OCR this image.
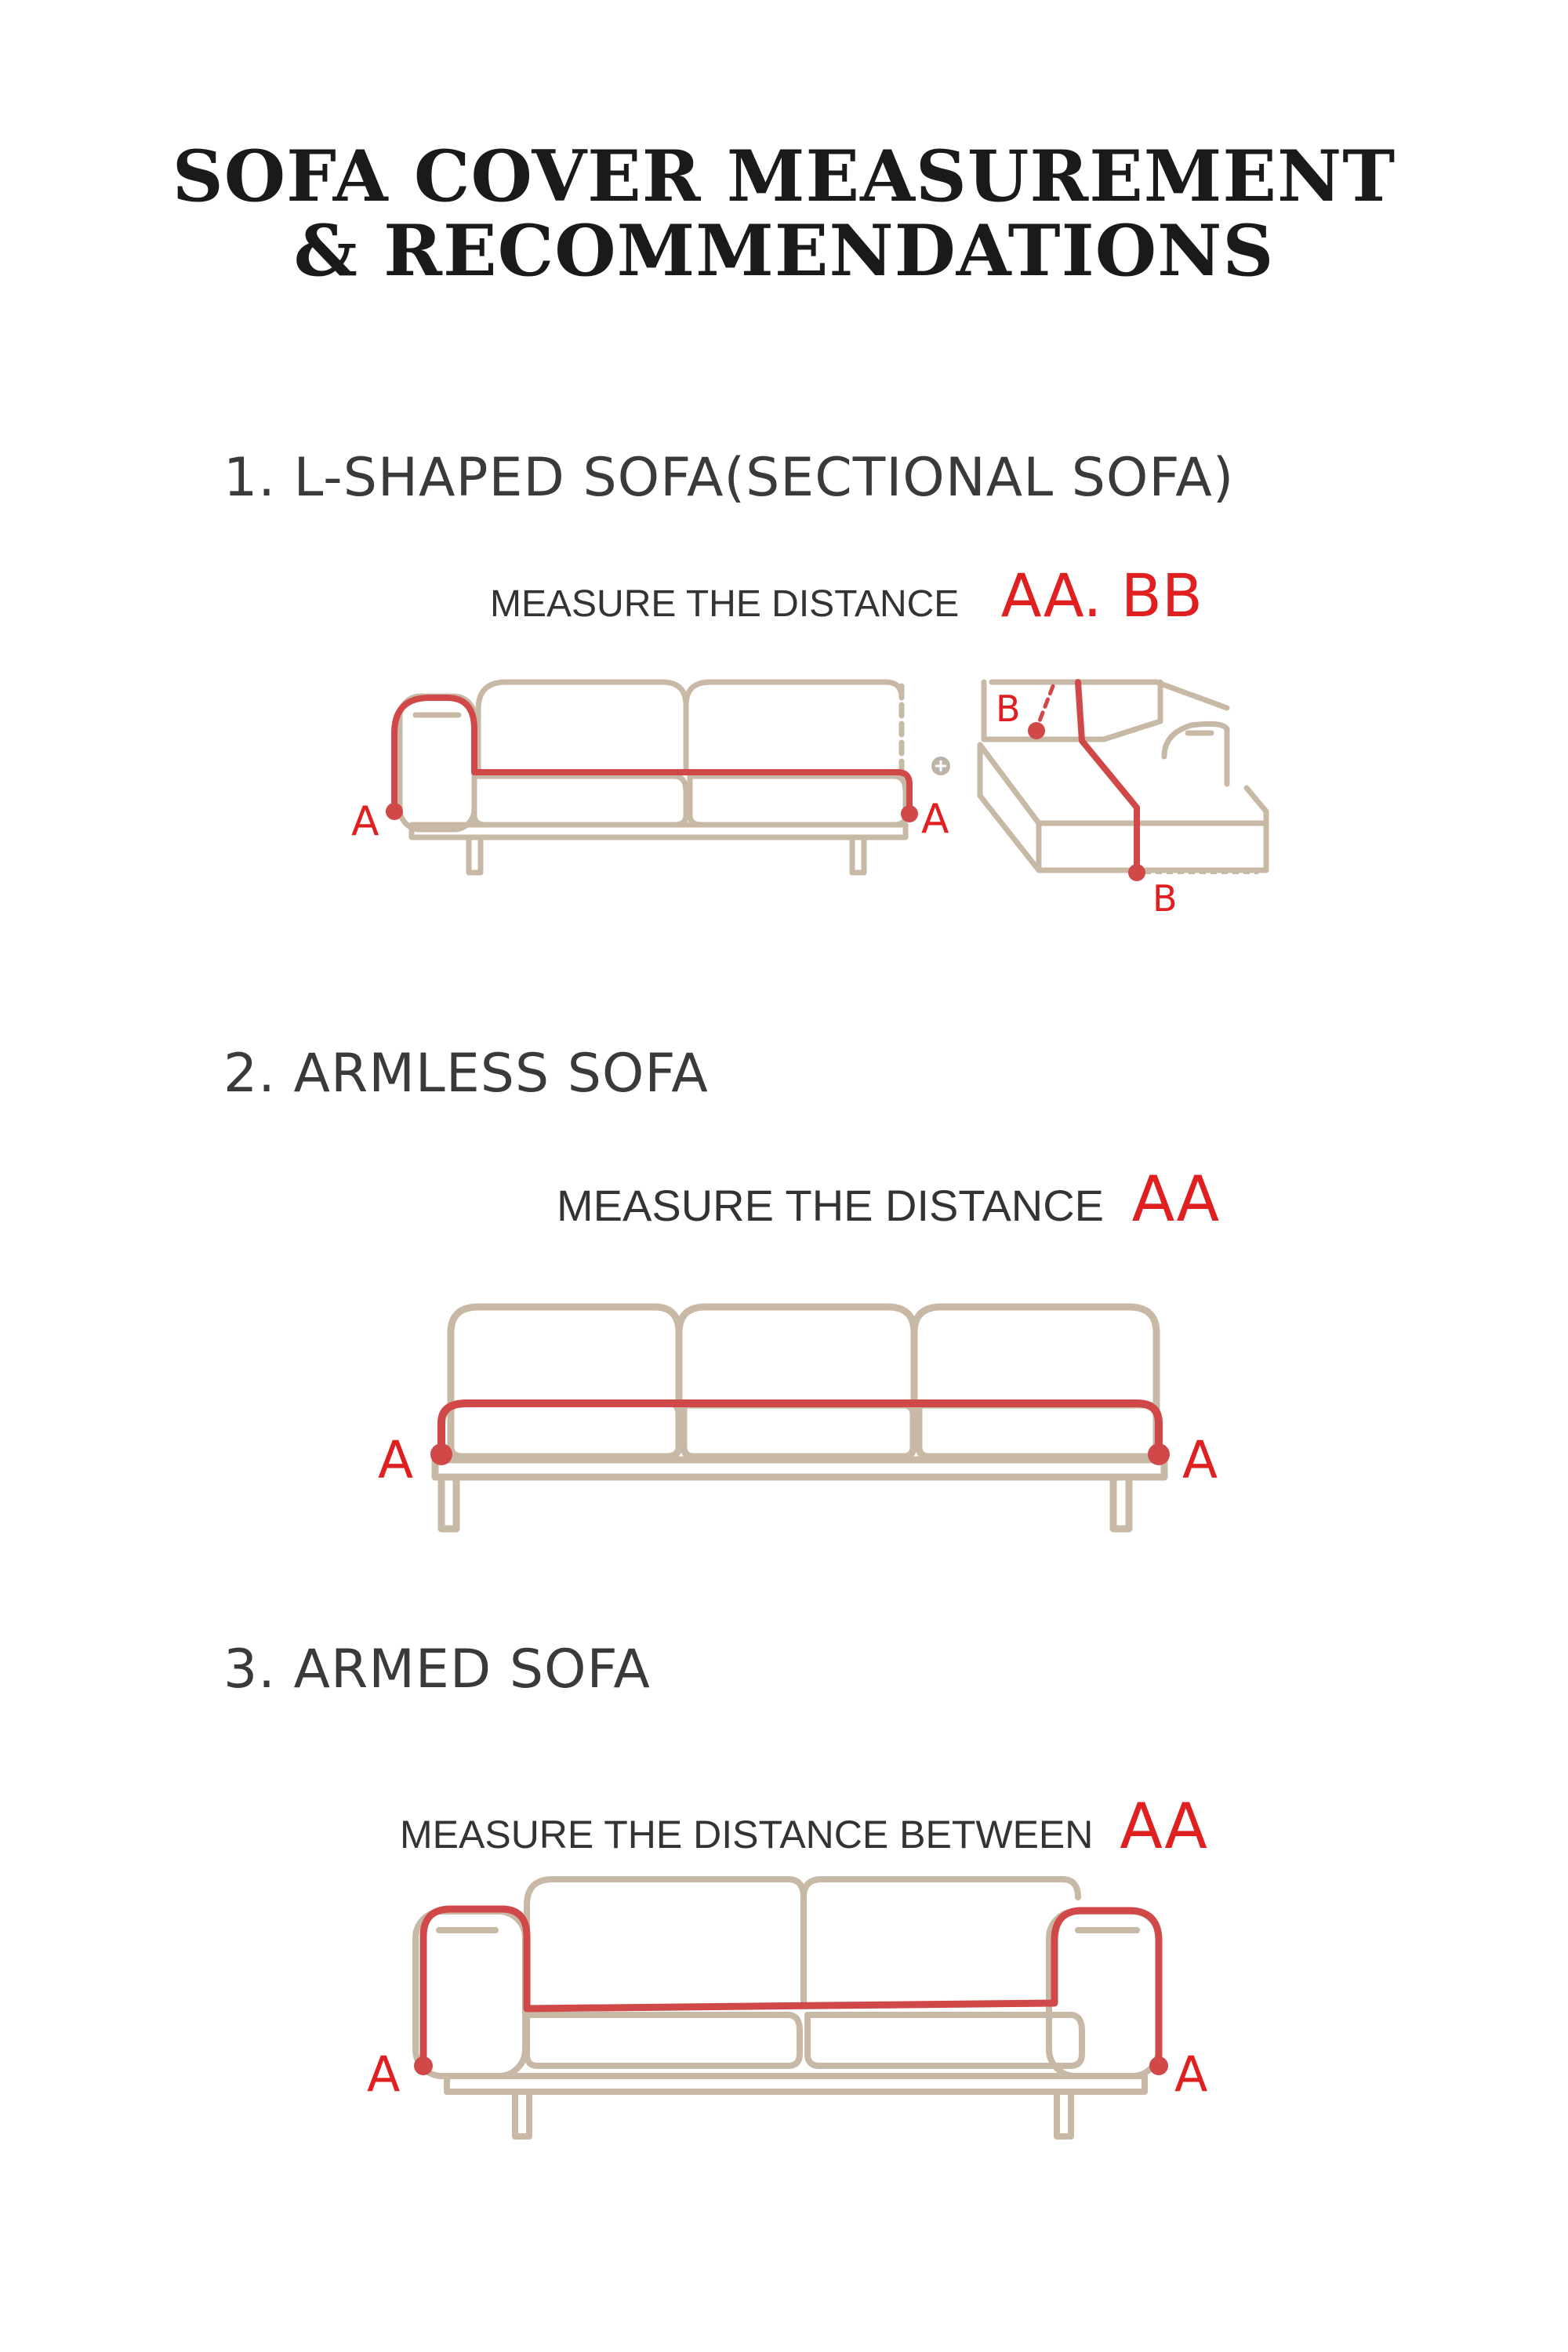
SOFA COVER MEASUREMENT
& RECOMMENDATIONS
1. L-SHAPED SOFA(SECTIONAL SOFA)
MEASURE THE DISTANCE AA. BB
A	A
B
B
2. ARMLESS SOFA
MEASURE THE DISTANCE AA
A	A
3. ARMED SOFA
MEASURE THE DISTANCE BETWEEN AA
A	A
